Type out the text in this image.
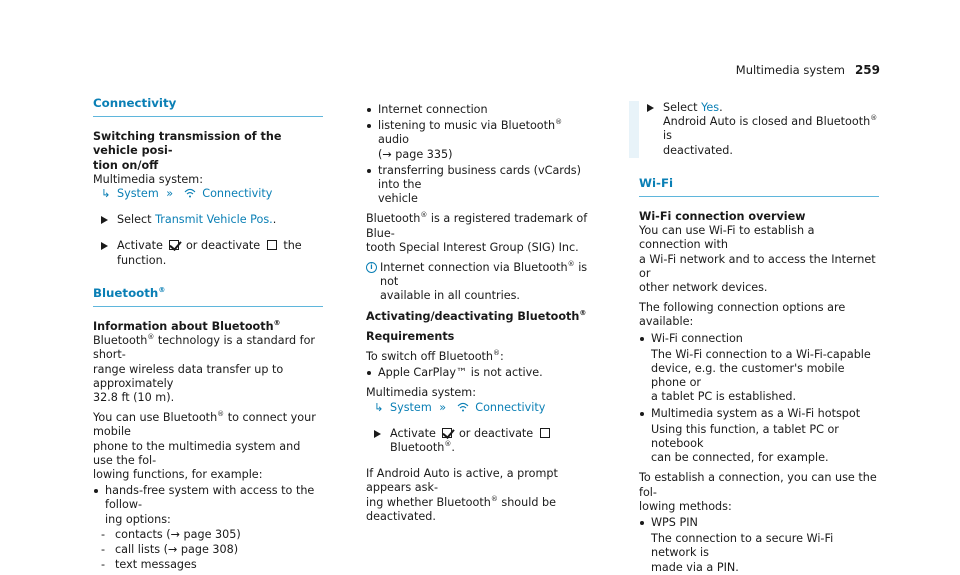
Multimedia system 259
Connectivity
Switching transmission of the vehicle posi-
tion on/off
Multimedia system:
↳ System »	Connectivity
Select Transmit Vehicle Pos..
Activate  or deactivate  the function.
Bluetooth®
Information about Bluetooth®
Bluetooth® technology is a standard for short-
range wireless data transfer up to approximately
32.8 ft (10 m).
You can use Bluetooth® to connect your mobile
phone to the multimedia system and use the fol-
lowing functions, for example:
hands-free system with access to the follow-
ing options:
- contacts (→ page 305)
- call lists (→ page 308)
- text messages
Internet connection
listening to music via Bluetooth® audio
(→ page 335)
transferring business cards (vCards) into the
vehicle
Bluetooth® is a registered trademark of Blue-
tooth Special Interest Group (SIG) Inc.
i Internet connection via Bluetooth® is not
available in all countries.
Activating/deactivating Bluetooth®
Requirements
To switch off Bluetooth®:
Apple CarPlay™ is not active.
Multimedia system:
↳ System »	Connectivity
Activate  or deactivate  Bluetooth®.
If Android Auto is active, a prompt appears ask-
ing whether Bluetooth® should be deactivated.
Select Yes.
Android Auto is closed and Bluetooth® is
deactivated.
Wi-Fi
Wi-Fi connection overview
You can use Wi-Fi to establish a connection with
a Wi-Fi network and to access the Internet or
other network devices.
The following connection options are available:
Wi-Fi connection
The Wi-Fi connection to a Wi-Fi-capable
device, e.g. the customer's mobile phone or
a tablet PC is established.
Multimedia system as a Wi-Fi hotspot
Using this function, a tablet PC or notebook
can be connected, for example.
To establish a connection, you can use the fol-
lowing methods:
WPS PIN
The connection to a secure Wi-Fi network is
made via a PIN.
